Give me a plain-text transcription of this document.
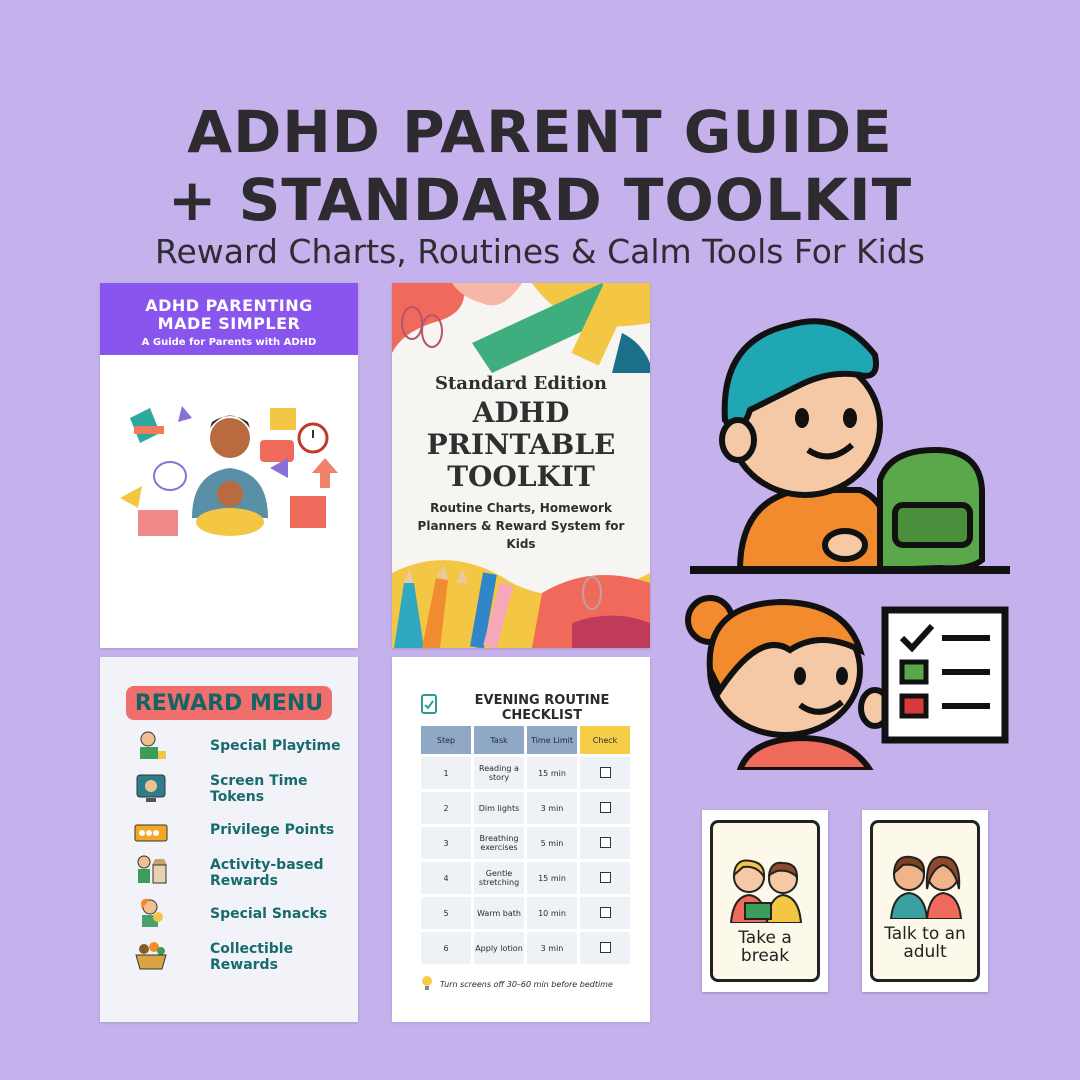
ADHD PARENT GUIDE
+ STANDARD TOOLKIT
Reward Charts, Routines & Calm Tools For Kids
ADHD PARENTING MADE SIMPLER
A Guide for Parents with ADHD
Standard Edition
ADHD
PRINTABLE
TOOLKIT
Routine Charts, Homework Planners & Reward System for Kids
REWARD MENU
Special Playtime
Screen Time Tokens
Privilege Points
Activity-based Rewards
Special Snacks
Collectible Rewards
EVENING ROUTINE CHECKLIST
Step	Task	Time Limit	Check
1	Reading a story	15 min	
2	Dim lights	3 min	
3	Breathing exercises	5 min	
4	Gentle stretching	15 min	
5	Warm bath	10 min	
6	Apply lotion	3 min	
Turn screens off 30–60 min before bedtime
Take a break
Talk to an adult
